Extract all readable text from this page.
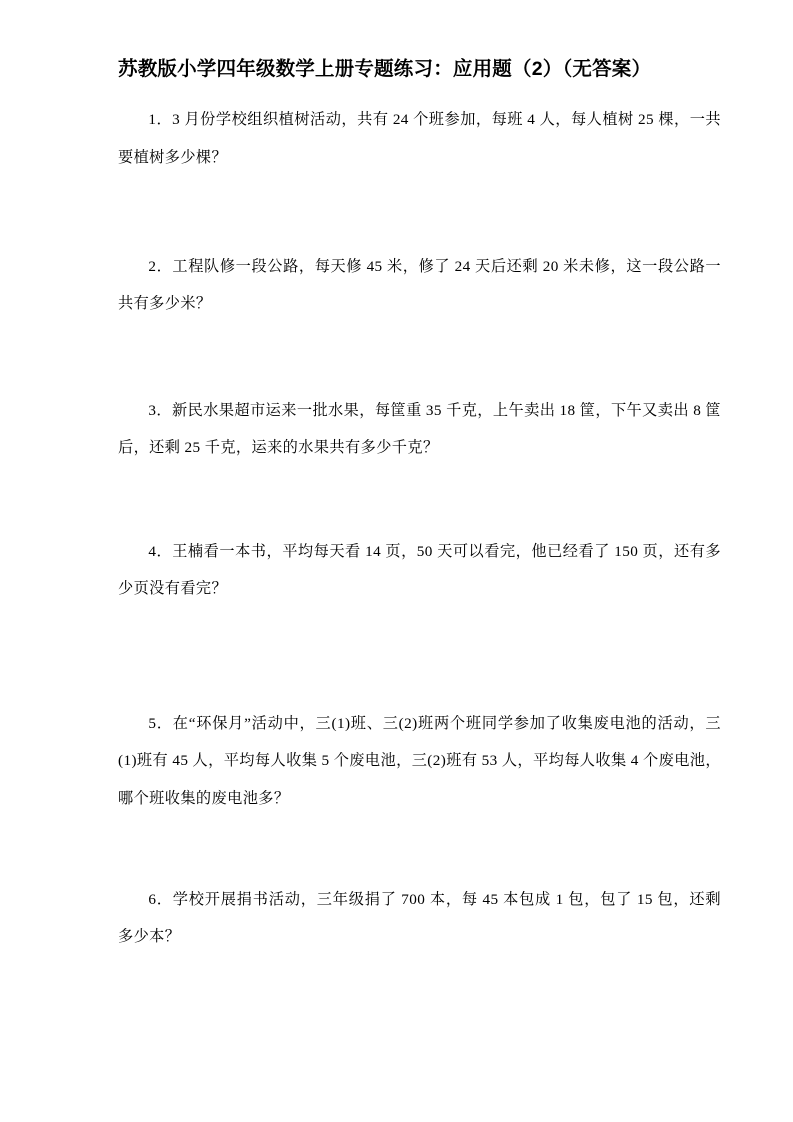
苏教版小学四年级数学上册专题练习：应用题（2）（无答案）

1．3 月份学校组织植树活动，共有 24 个班参加，每班 4 人，每人植树 25 棵，一共要植树多少棵？

2．工程队修一段公路，每天修 45 米，修了 24 天后还剩 20 米未修，这一段公路一共有多少米？

3．新民水果超市运来一批水果，每筐重 35 千克，上午卖出 18 筐，下午又卖出 8 筐后，还剩 25 千克，运来的水果共有多少千克？

4．王楠看一本书，平均每天看 14 页，50 天可以看完，他已经看了 150 页，还有多少页没有看完？

5．在“环保月”活动中，三(1)班、三(2)班两个班同学参加了收集废电池的活动，三(1)班有 45 人，平均每人收集 5 个废电池，三(2)班有 53 人，平均每人收集 4 个废电池，哪个班收集的废电池多？

6．学校开展捐书活动，三年级捐了 700 本，每 45 本包成 1 包，包了 15 包，还剩多少本？
